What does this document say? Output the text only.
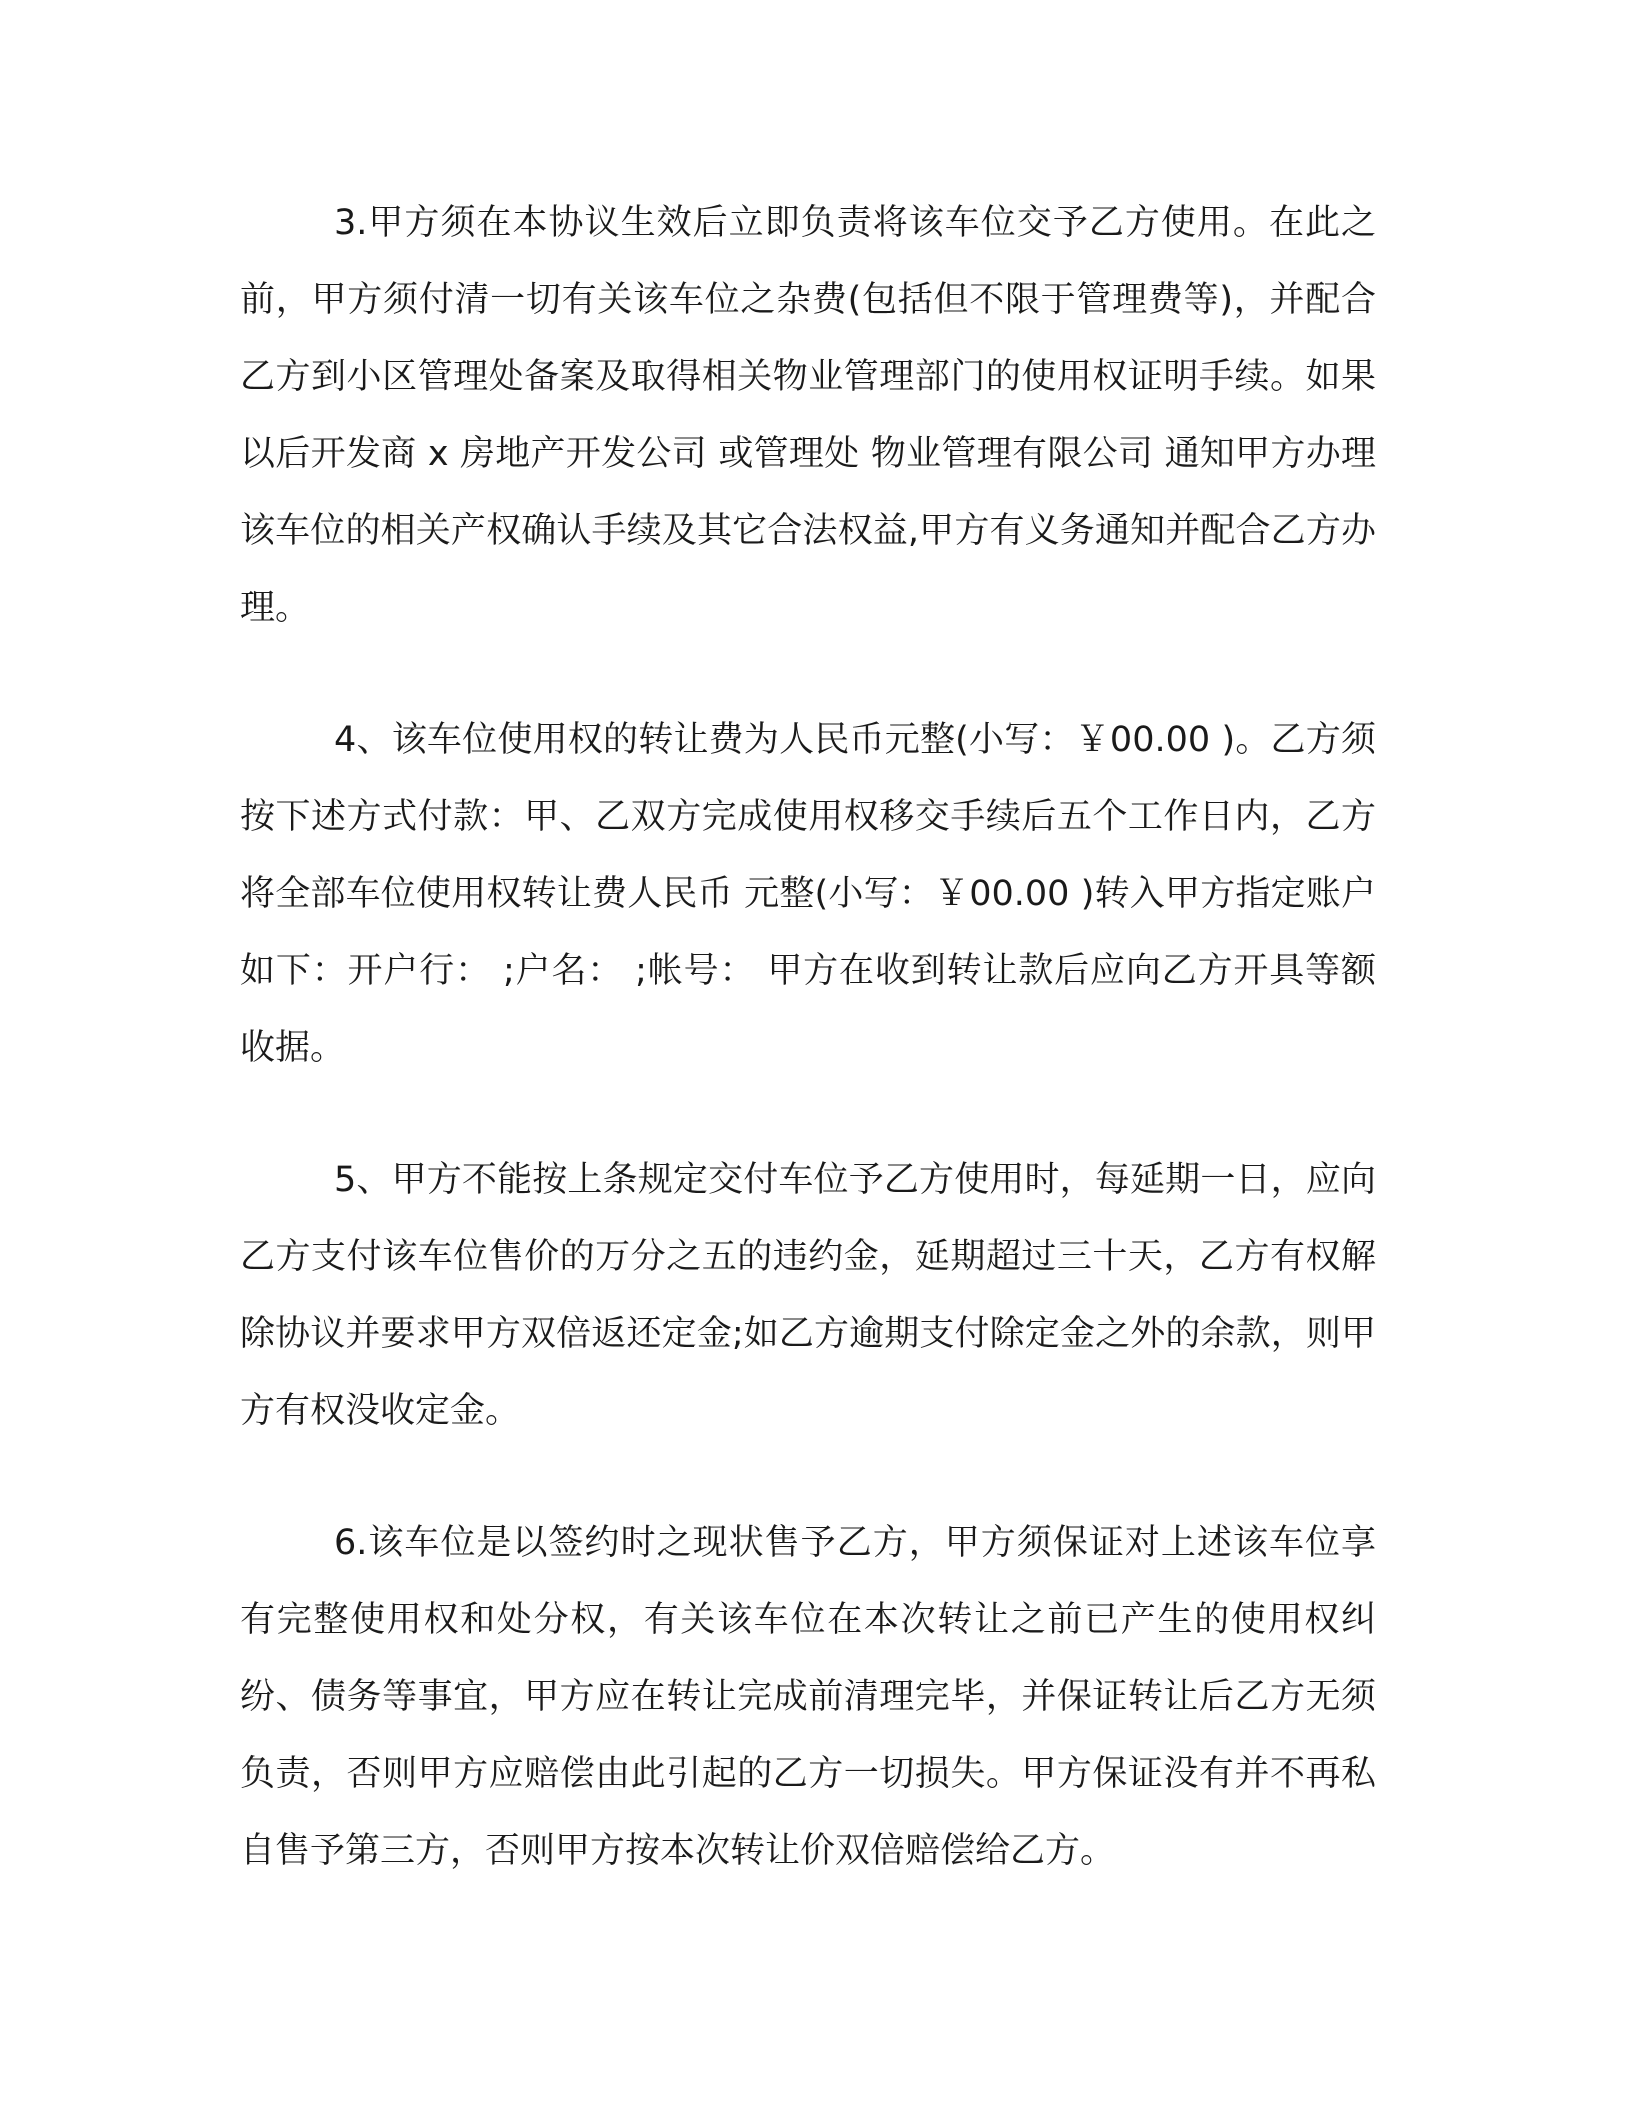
3.甲方须在本协议生效后立即负责将该车位交予乙方使用。在此之前，甲方须付清一切有关该车位之杂费(包括但不限于管理费等)，并配合乙方到小区管理处备案及取得相关物业管理部门的使用权证明手续。如果以后开发商 x 房地产开发公司 或管理处 物业管理有限公司 通知甲方办理该车位的相关产权确认手续及其它合法权益,甲方有义务通知并配合乙方办理。

4、该车位使用权的转让费为人民币元整(小写：￥00.00 )。乙方须按下述方式付款：甲、乙双方完成使用权移交手续后五个工作日内，乙方将全部车位使用权转让费人民币 元整(小写：￥00.00 )转入甲方指定账户如下：开户行： ;户名： ;帐号： 甲方在收到转让款后应向乙方开具等额收据。

5、甲方不能按上条规定交付车位予乙方使用时，每延期一日，应向乙方支付该车位售价的万分之五的违约金，延期超过三十天，乙方有权解除协议并要求甲方双倍返还定金;如乙方逾期支付除定金之外的余款，则甲方有权没收定金。

6.该车位是以签约时之现状售予乙方，甲方须保证对上述该车位享有完整使用权和处分权，有关该车位在本次转让之前已产生的使用权纠纷、债务等事宜，甲方应在转让完成前清理完毕，并保证转让后乙方无须负责，否则甲方应赔偿由此引起的乙方一切损失。甲方保证没有并不再私自售予第三方，否则甲方按本次转让价双倍赔偿给乙方。
